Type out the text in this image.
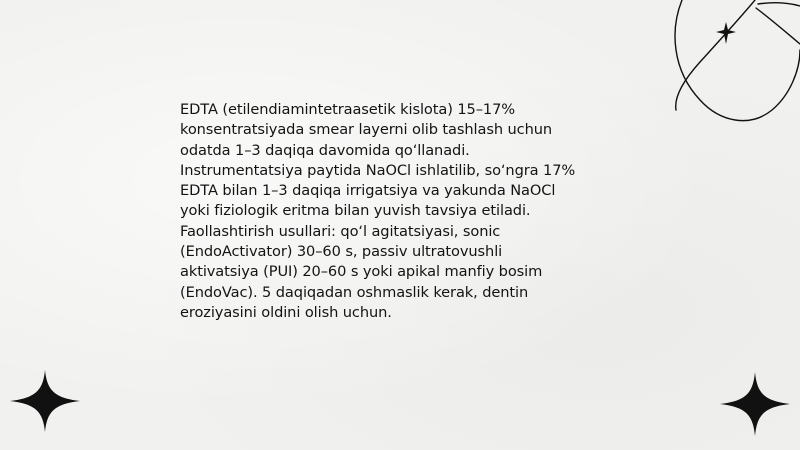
EDTA (etilendiamintetraasetik kislota) 15–17%
konsentratsiyada smear layerni olib tashlash uchun
odatda 1–3 daqiqa davomida qo‘llanadi.
Instrumentatsiya paytida NaOCl ishlatilib, so‘ngra 17%
EDTA bilan 1–3 daqiqa irrigatsiya va yakunda NaOCl
yoki fiziologik eritma bilan yuvish tavsiya etiladi.
Faollashtirish usullari: qo‘l agitatsiyasi, sonic
(EndoActivator) 30–60 s, passiv ultratovushli
aktivatsiya (PUI) 20–60 s yoki apikal manfiy bosim
(EndoVac). 5 daqiqadan oshmaslik kerak, dentin
eroziyasini oldini olish uchun.
